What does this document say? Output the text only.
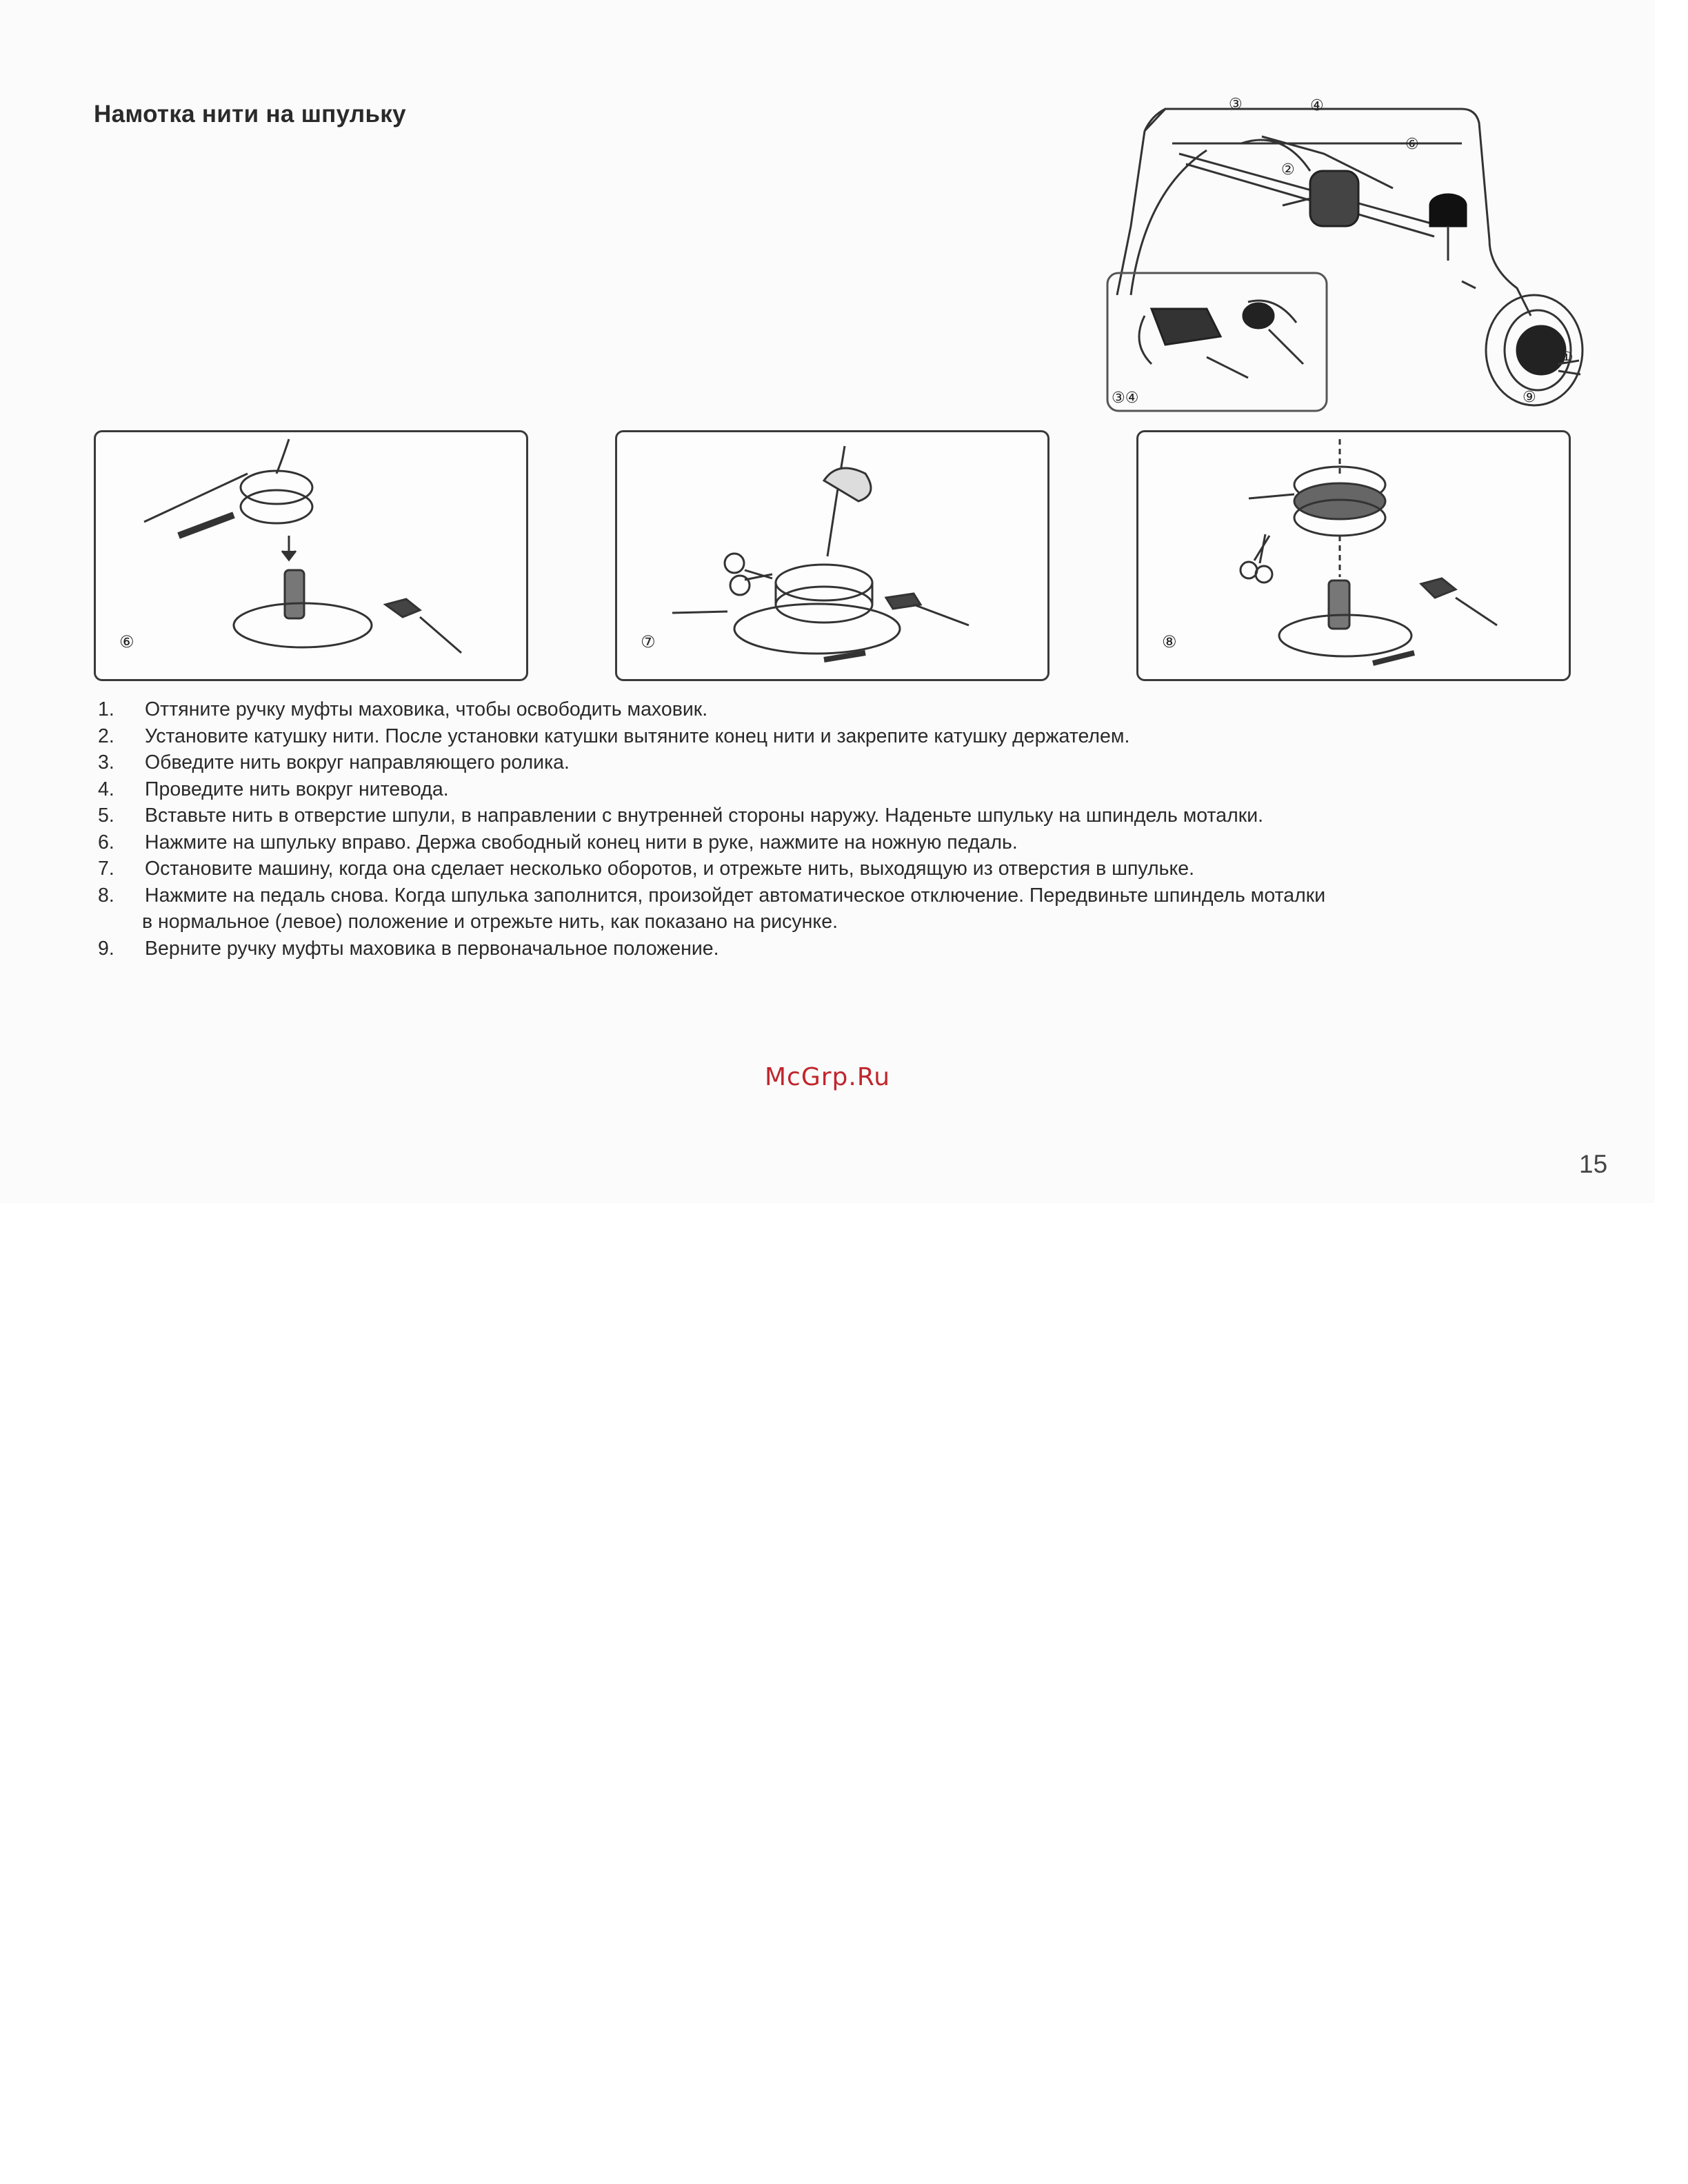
Намотка нити на шпульку	③	④
②
⑥
①
⑨
③④
⑥	⑦	⑧
1.	Оттяните ручку муфты маховика, чтобы освободить маховик.
2.	Установите катушку нити. После установки катушки вытяните конец нити и закрепите катушку держателем.
3.	Обведите нить вокруг направляющего ролика.
4.	Проведите нить вокруг нитевода.
5.	Вставьте нить в отверстие шпули, в направлении с внутренней стороны наружу. Наденьте шпульку на шпиндель моталки.
6.	Нажмите на шпульку вправо. Держа свободный конец нити в руке, нажмите на ножную педаль.
7.	Остановите машину, когда она сделает несколько оборотов, и отрежьте нить, выходящую из отверстия в шпульке.
8.	Нажмите на педаль снова. Когда шпулька заполнится, произойдет автоматическое отключение. Передвиньте шпиндель моталки
в нормальное (левое) положение и отрежьте нить, как показано на рисунке.
9.	Верните ручку муфты маховика в первоначальное положение.
McGrp.Ru
15
